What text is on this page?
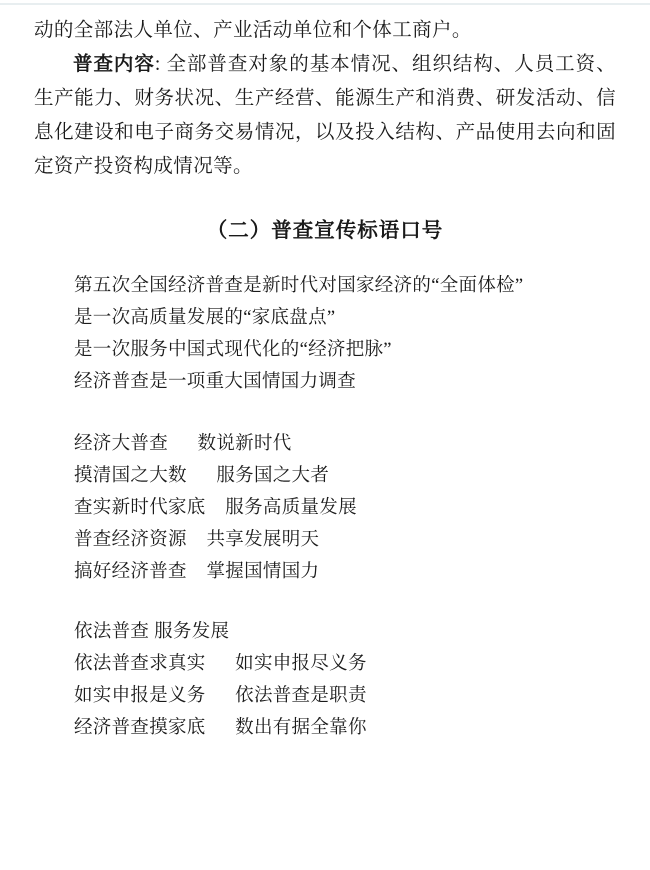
动的全部法人单位、产业活动单位和个体工商户。

普查内容: 全部普查对象的基本情况、组织结构、人员工资、生产能力、财务状况、生产经营、能源生产和消费、研发活动、信息化建设和电子商务交易情况，以及投入结构、产品使用去向和固定资产投资构成情况等。

（二）普查宣传标语口号
第五次全国经济普查是新时代对国家经济的“全面体检”
是一次高质量发展的“家底盘点”
是一次服务中国式现代化的“经济把脉”
经济普查是一项重大国情国力调查
经济大普查      数说新时代
摸清国之大数      服务国之大者
查实新时代家底    服务高质量发展
普查经济资源    共享发展明天
搞好经济普查    掌握国情国力
依法普查 服务发展
依法普查求真实      如实申报尽义务
如实申报是义务      依法普查是职责
经济普查摸家底      数出有据全靠你
